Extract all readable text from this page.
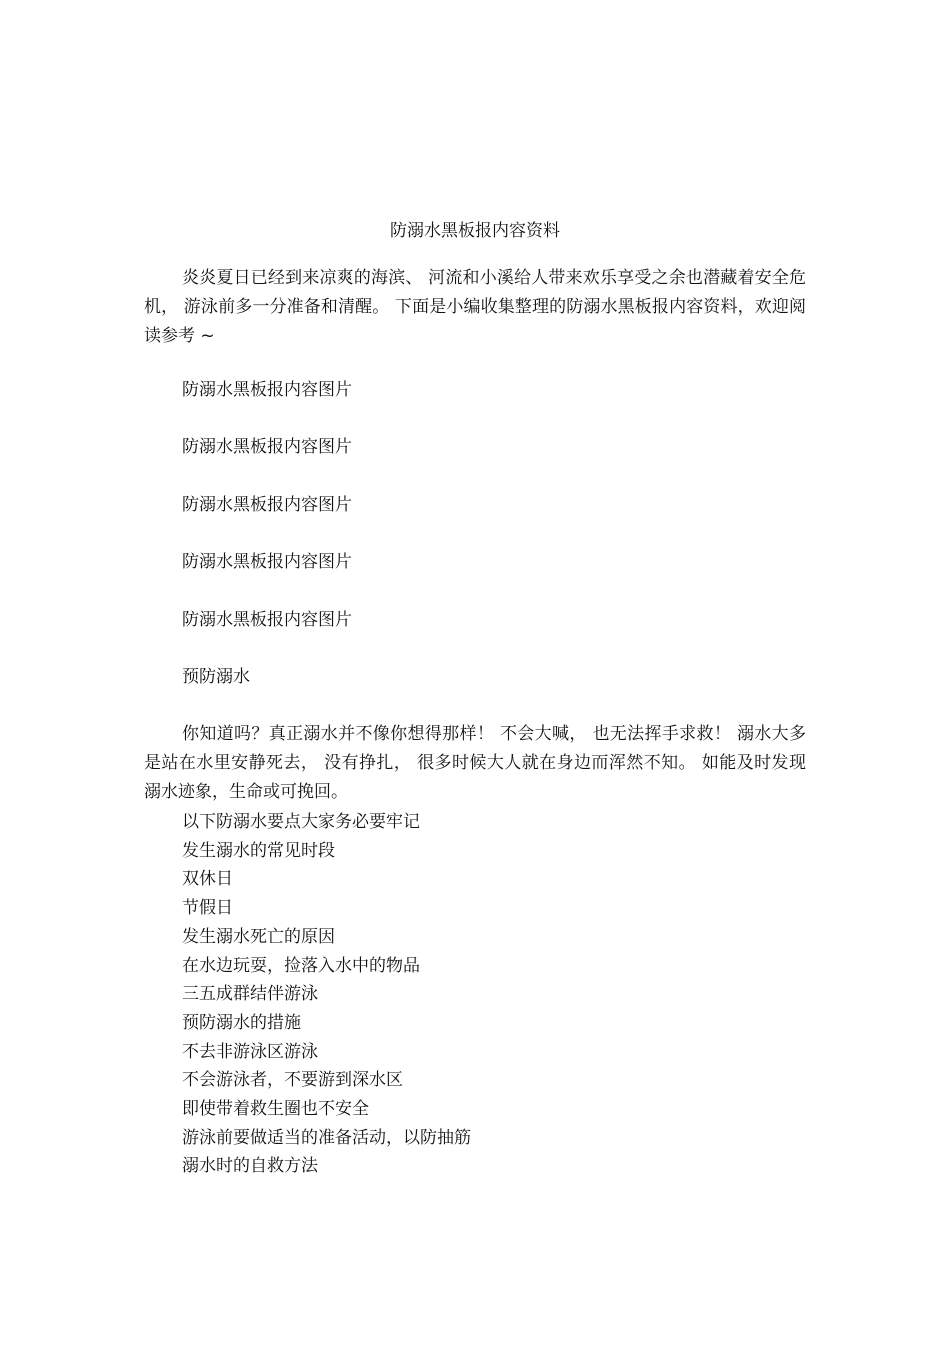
防溺水黑板报内容资料

炎炎夏日已经到来凉爽的海滨、 河流和小溪给人带来欢乐享受之余也潜藏着安全危机， 游泳前多一分准备和清醒。 下面是小编收集整理的防溺水黑板报内容资料，欢迎阅读参考 ~

防溺水黑板报内容图片
防溺水黑板报内容图片
防溺水黑板报内容图片
防溺水黑板报内容图片
防溺水黑板报内容图片
预防溺水

你知道吗？真正溺水并不像你想得那样！ 不会大喊， 也无法挥手求救！ 溺水大多是站在水里安静死去， 没有挣扎， 很多时候大人就在身边而浑然不知。 如能及时发现溺水迹象，生命或可挽回。

以下防溺水要点大家务必要牢记
发生溺水的常见时段
双休日
节假日
发生溺水死亡的原因
在水边玩耍，捡落入水中的物品
三五成群结伴游泳
预防溺水的措施
不去非游泳区游泳
不会游泳者，不要游到深水区
即使带着救生圈也不安全
游泳前要做适当的准备活动，以防抽筋
溺水时的自救方法
